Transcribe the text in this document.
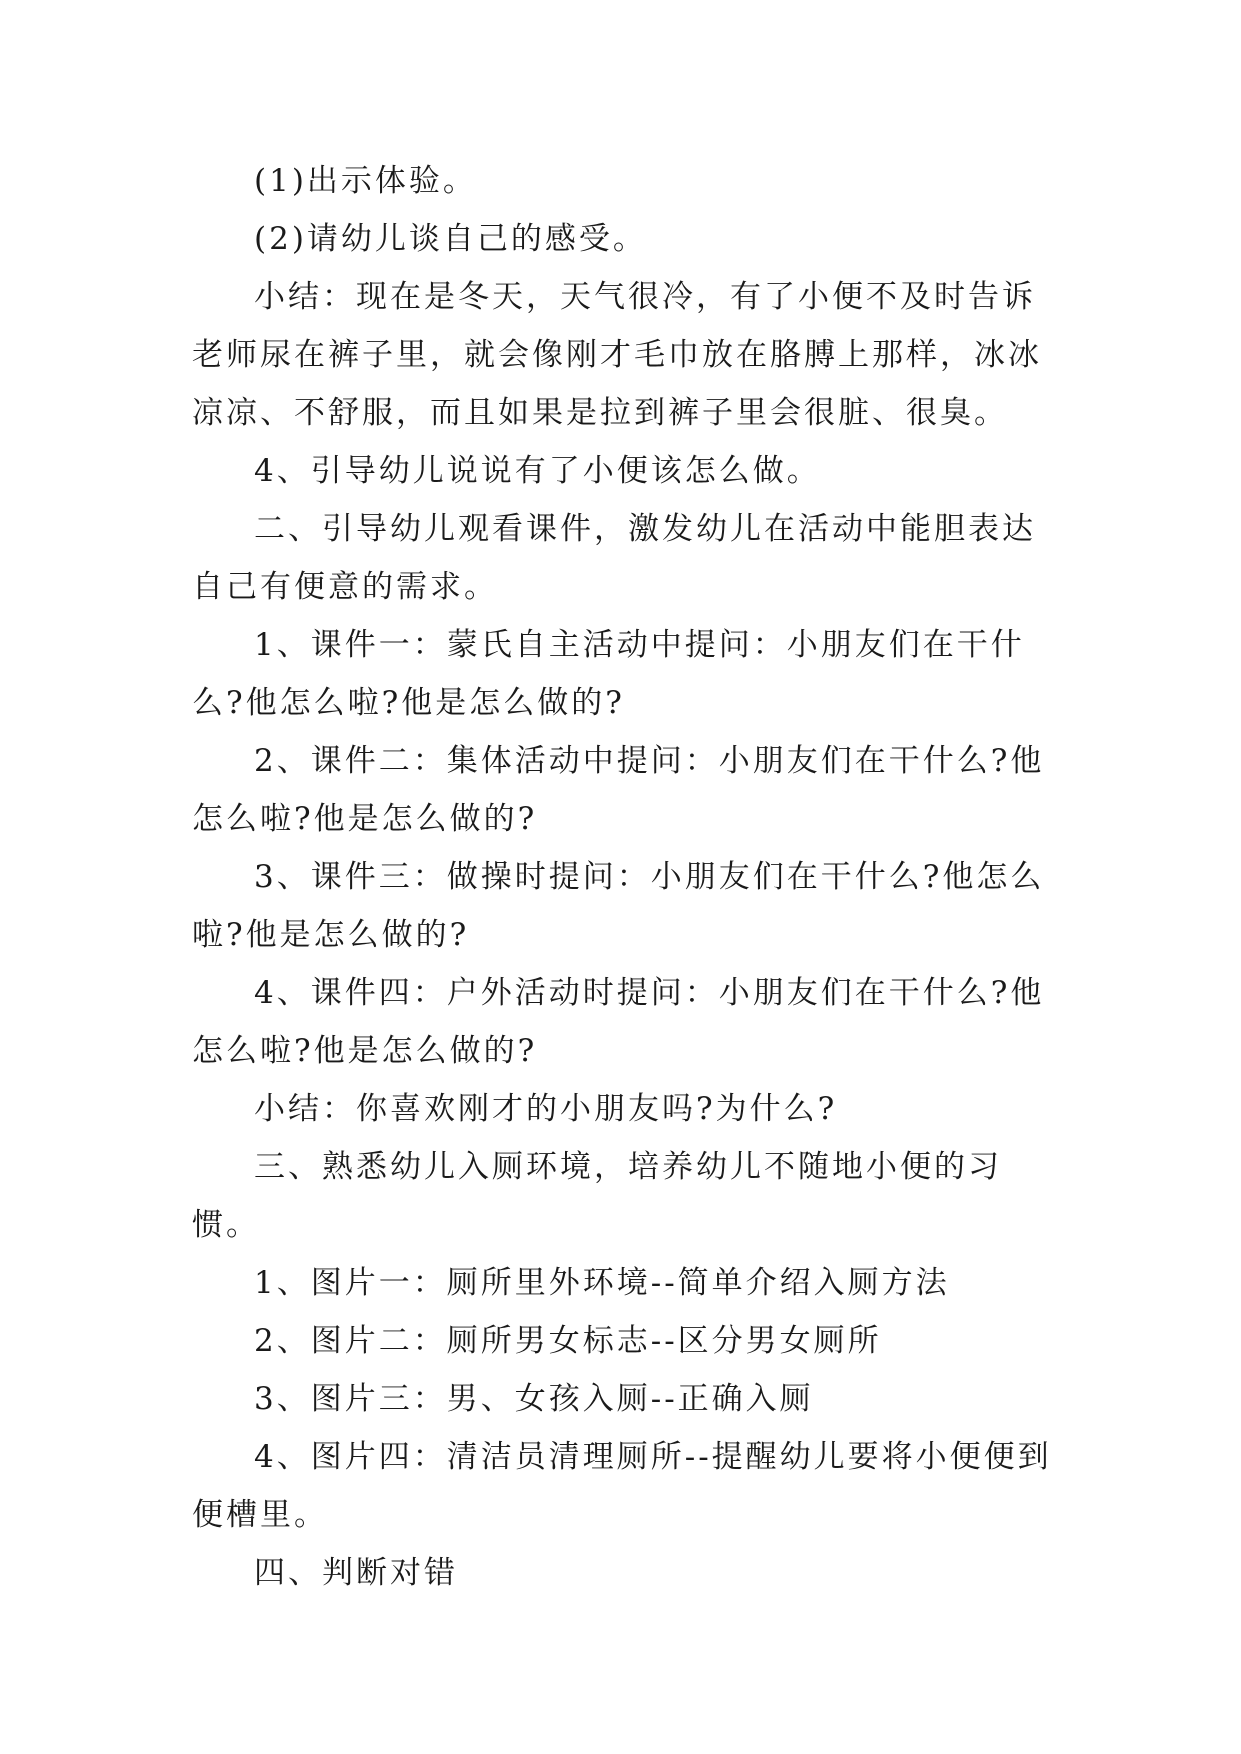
(1)出示体验。

(2)请幼儿谈自己的感受。

小结：现在是冬天，天气很冷，有了小便不及时告诉老师尿在裤子里，就会像刚才毛巾放在胳膊上那样，冰冰凉凉、不舒服，而且如果是拉到裤子里会很脏、很臭。

4、引导幼儿说说有了小便该怎么做。

二、引导幼儿观看课件，激发幼儿在活动中能胆表达自己有便意的需求。

1、课件一：蒙氏自主活动中提问：小朋友们在干什么?他怎么啦?他是怎么做的?

2、课件二：集体活动中提问：小朋友们在干什么?他怎么啦?他是怎么做的?

3、课件三：做操时提问：小朋友们在干什么?他怎么啦?他是怎么做的?

4、课件四：户外活动时提问：小朋友们在干什么?他怎么啦?他是怎么做的?

小结：你喜欢刚才的小朋友吗?为什么?

三、熟悉幼儿入厕环境，培养幼儿不随地小便的习惯。

1、图片一：厕所里外环境--简单介绍入厕方法

2、图片二：厕所男女标志--区分男女厕所

3、图片三：男、女孩入厕--正确入厕

4、图片四：清洁员清理厕所--提醒幼儿要将小便便到便槽里。

四、判断对错
